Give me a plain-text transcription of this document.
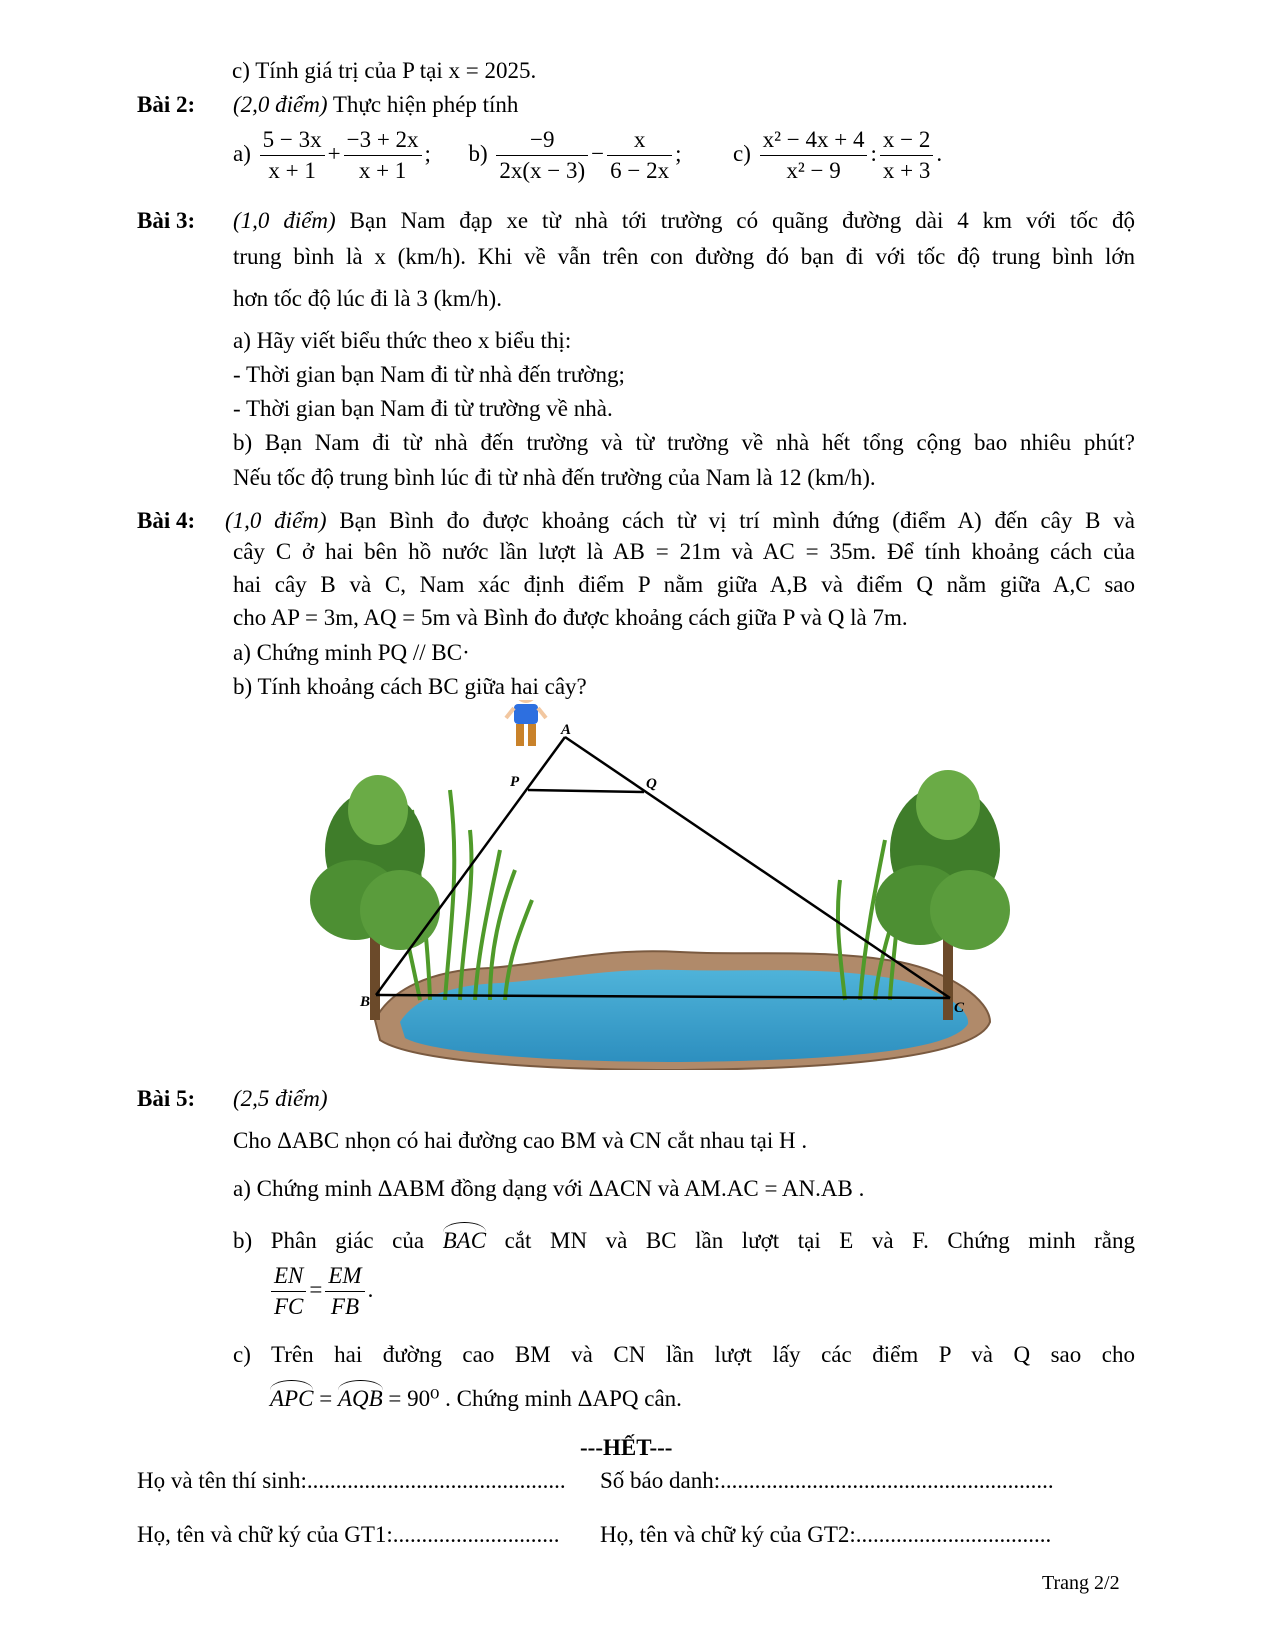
c) Tính giá trị của P tại x = 2025.
Bài 2: (2,0 điểm) Thực hiện phép tính
$a) \frac{5 - 3x}{x + 1} + \frac{-3 + 2x}{x + 1}$ ; $b) \frac{-9}{2x(x - 3)} - \frac{x}{6 - 2x}$ ; $c) \frac{\text{x² − 4x + 4}}{\text{x² − 9}}$ : $\frac{x - 2}{x + 3}$ .
Bài 3: (1,0 điểm) Bạn Nam đạp xe từ nhà tới trường có quãng đường dài 4 km với tốc độ
trung bình là x (km/h). Khi về vẫn trên con đường đó bạn đi với tốc độ trung bình lớn
hơn tốc độ lúc đi là 3 (km/h).
a) Hãy viết biểu thức theo x biểu thị:
- Thời gian bạn Nam đi từ nhà đến trường;
- Thời gian bạn Nam đi từ trường về nhà.
b) Bạn Nam đi từ nhà đến trường và từ trường về nhà hết tổng cộng bao nhiêu phút?
Nếu tốc độ trung bình lúc đi từ nhà đến trường của Nam là 12 (km/h).
Bài 4: (1,0 điểm) Bạn Bình đo được khoảng cách từ vị trí mình đứng (điểm A) đến cây B và
cây C ở hai bên hồ nước lần lượt là AB = 21m và AC = 35m. Để tính khoảng cách của
hai cây B và C, Nam xác định điểm P nằm giữa A,B và điểm Q nằm giữa A,C sao
cho AP = 3m, AQ = 5m và Bình đo được khoảng cách giữa P và Q là 7m.
a) Chứng minh PQ // BC·
b) Tính khoảng cách BC giữa hai cây?
A
P	Q
B	C
Bài 5: (2,5 điểm)
Cho ΔABC nhọn có hai đường cao BM và CN cắt nhau tại H .
a) Chứng minh ΔABM đồng dạng với ΔACN và AM.AC = AN.AB .
b) Phân giác của BAC cắt MN và BC lần lượt tại E và F. Chứng minh rằng
$\frac{EN}{FC} = \frac{EM}{FB}$ .
c) Trên hai đường cao BM và CN lần lượt lấy các điểm P và Q sao cho
APC = AQB = 90⁰ . Chứng minh ΔAPQ cân.
---HẾT---
Họ và tên thí sinh:............................................. Số báo danh:..........................................................
Họ, tên và chữ ký của GT1:............................. Họ, tên và chữ ký của GT2:..................................
Trang 2/2
